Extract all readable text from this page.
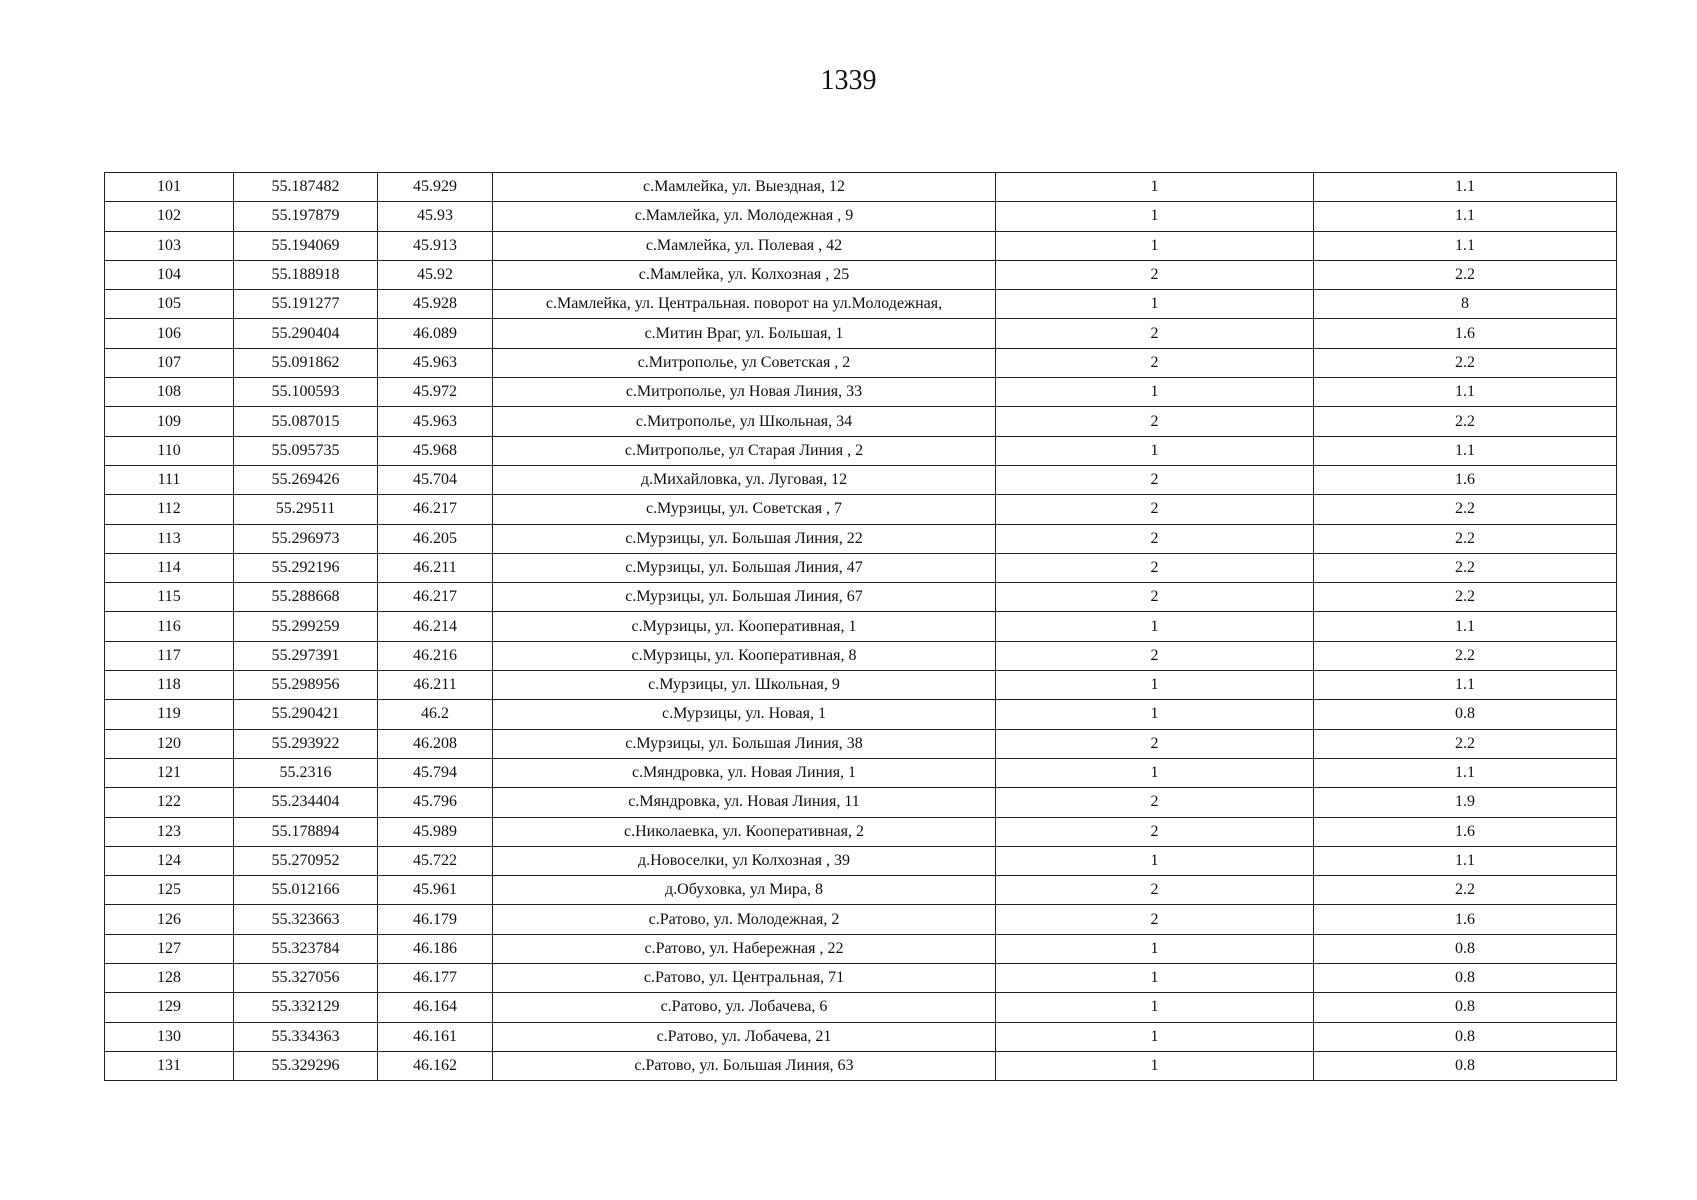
1339
101	55.187482	45.929	с.Мамлейка, ул. Выездная, 12	1	1.1
102	55.197879	45.93	с.Мамлейка, ул. Молодежная , 9	1	1.1
103	55.194069	45.913	с.Мамлейка, ул. Полевая , 42	1	1.1
104	55.188918	45.92	с.Мамлейка, ул. Колхозная , 25	2	2.2
105	55.191277	45.928	с.Мамлейка, ул. Центральная. поворот на ул.Молодежная,	1	8
106	55.290404	46.089	с.Митин Враг, ул. Большая, 1	2	1.6
107	55.091862	45.963	с.Митрополье, ул Советская , 2	2	2.2
108	55.100593	45.972	с.Митрополье, ул Новая Линия, 33	1	1.1
109	55.087015	45.963	с.Митрополье, ул Школьная, 34	2	2.2
110	55.095735	45.968	с.Митрополье, ул Старая Линия , 2	1	1.1
111	55.269426	45.704	д.Михайловка, ул. Луговая, 12	2	1.6
112	55.29511	46.217	с.Мурзицы, ул. Советская , 7	2	2.2
113	55.296973	46.205	с.Мурзицы, ул. Большая Линия, 22	2	2.2
114	55.292196	46.211	с.Мурзицы, ул. Большая Линия, 47	2	2.2
115	55.288668	46.217	с.Мурзицы, ул. Большая Линия, 67	2	2.2
116	55.299259	46.214	с.Мурзицы, ул. Кооперативная, 1	1	1.1
117	55.297391	46.216	с.Мурзицы, ул. Кооперативная, 8	2	2.2
118	55.298956	46.211	с.Мурзицы, ул. Школьная, 9	1	1.1
119	55.290421	46.2	с.Мурзицы, ул. Новая, 1	1	0.8
120	55.293922	46.208	с.Мурзицы, ул. Большая Линия, 38	2	2.2
121	55.2316	45.794	с.Мяндровка, ул. Новая Линия, 1	1	1.1
122	55.234404	45.796	с.Мяндровка, ул. Новая Линия, 11	2	1.9
123	55.178894	45.989	с.Николаевка, ул. Кооперативная, 2	2	1.6
124	55.270952	45.722	д.Новоселки, ул Колхозная , 39	1	1.1
125	55.012166	45.961	д.Обуховка, ул Мира, 8	2	2.2
126	55.323663	46.179	с.Ратово, ул. Молодежная, 2	2	1.6
127	55.323784	46.186	с.Ратово, ул. Набережная , 22	1	0.8
128	55.327056	46.177	с.Ратово, ул. Центральная, 71	1	0.8
129	55.332129	46.164	с.Ратово, ул. Лобачева, 6	1	0.8
130	55.334363	46.161	с.Ратово, ул. Лобачева, 21	1	0.8
131	55.329296	46.162	с.Ратово, ул. Большая Линия, 63	1	0.8
